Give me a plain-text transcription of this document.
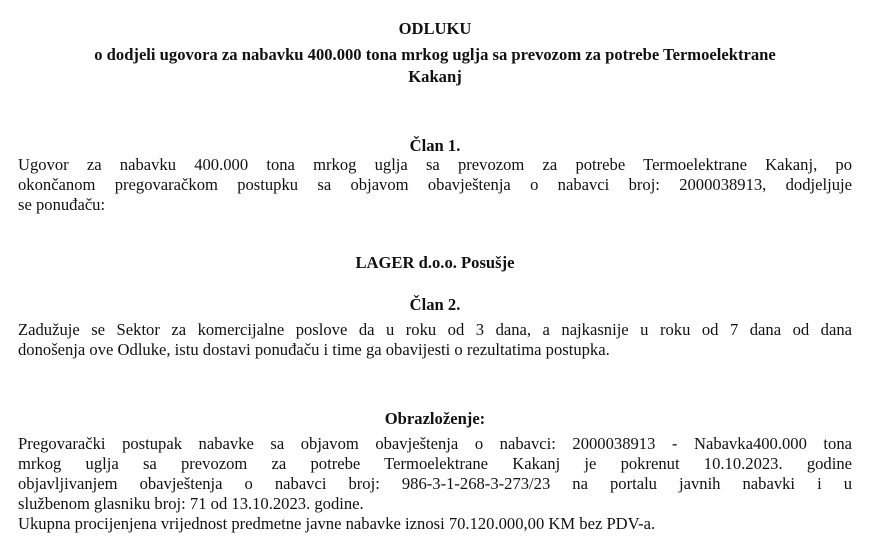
ODLUKU

o dodjeli ugovora za nabavku 400.000 tona mrkog uglja sa prevozom za potrebe Termoelektrane

Kakanj

Član 1.

Ugovor za nabavku 400.000 tona mrkog uglja sa prevozom za potrebe Termoelektrane Kakanj, po

okončanom pregovaračkom postupku sa objavom obavještenja o nabavci broj: 2000038913, dodjeljuje

se ponuđaču:

LAGER d.o.o. Posušje

Član 2.

Zadužuje se Sektor za komercijalne poslove da u roku od 3 dana, a najkasnije u roku od 7 dana od dana

donošenja ove Odluke, istu dostavi ponuđaču i time ga obavijesti o rezultatima postupka.

Obrazloženje:

Pregovarački postupak nabavke sa objavom obavještenja o nabavci: 2000038913 - Nabavka400.000 tona

mrkog uglja sa prevozom za potrebe Termoelektrane Kakanj je pokrenut 10.10.2023. godine

objavljivanjem obavještenja o nabavci broj: 986-3-1-268-3-273/23 na portalu javnih nabavki i u

službenom glasniku broj: 71 od 13.10.2023. godine.

Ukupna procijenjena vrijednost predmetne javne nabavke iznosi 70.120.000,00 KM bez PDV-a.
